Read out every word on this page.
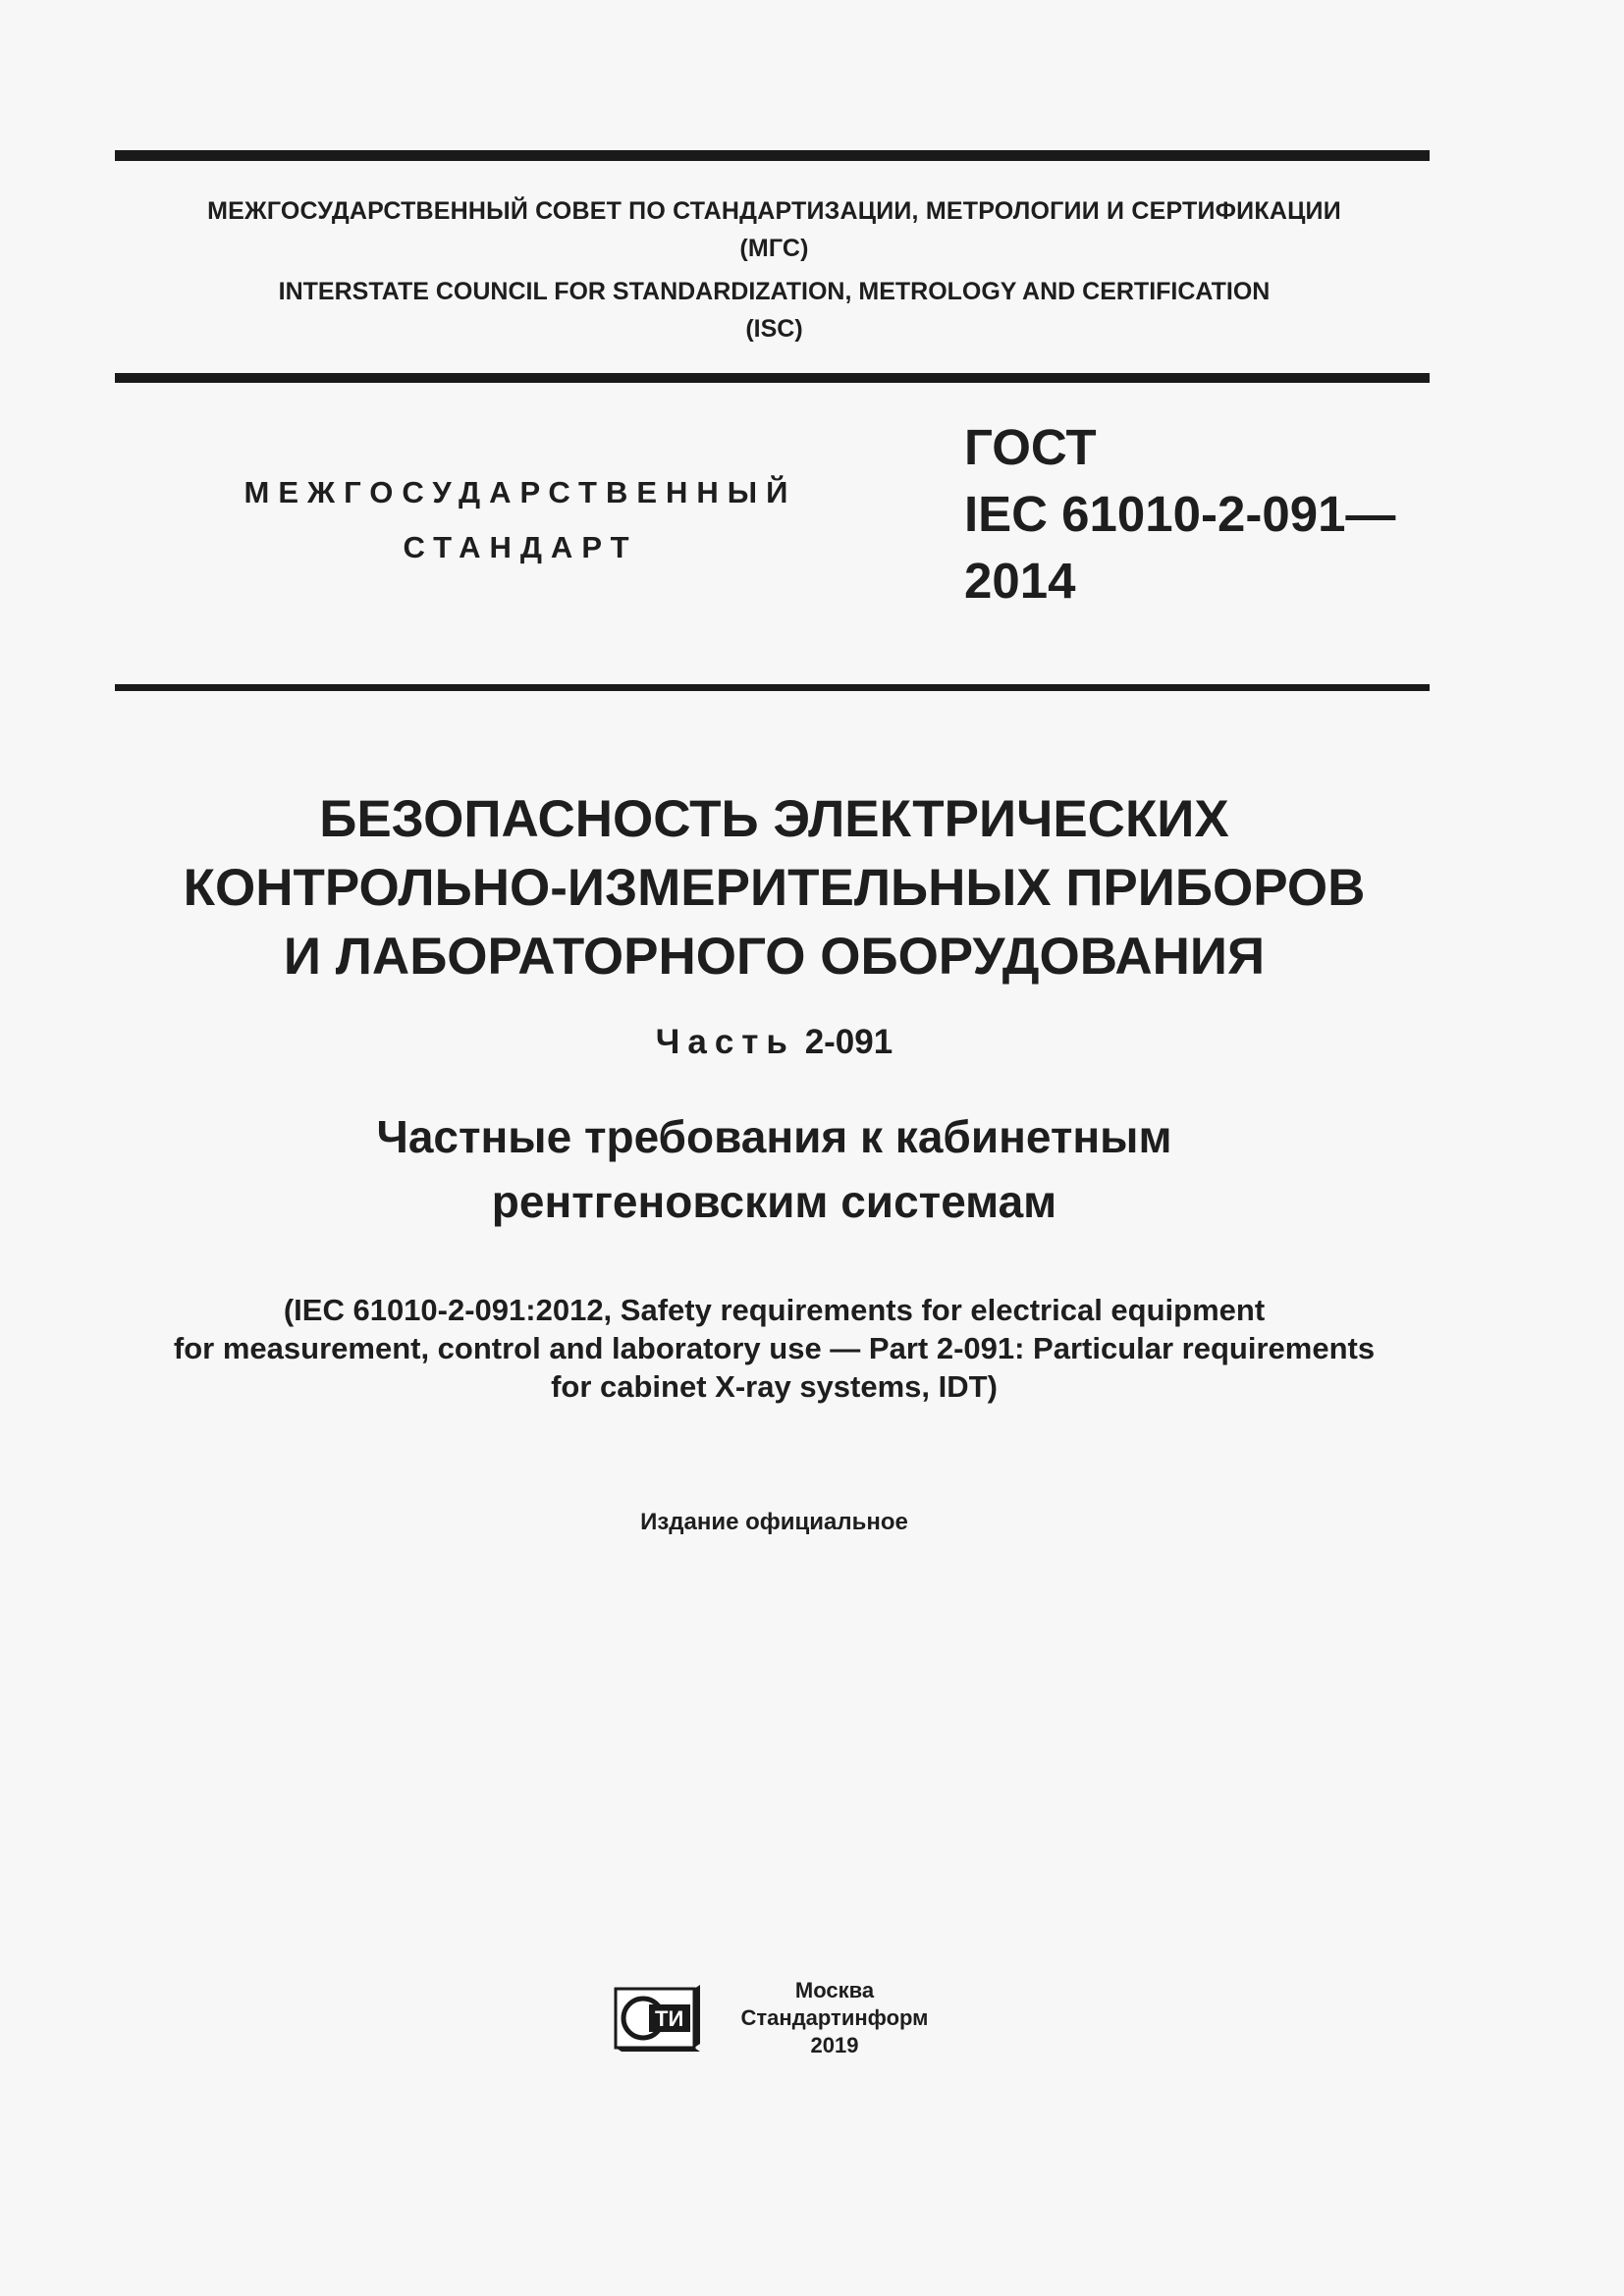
МЕЖГОСУДАРСТВЕННЫЙ СОВЕТ ПО СТАНДАРТИЗАЦИИ, МЕТРОЛОГИИ И СЕРТИФИКАЦИИ
(МГС)
INTERSTATE COUNCIL FOR STANDARDIZATION, METROLOGY AND CERTIFICATION
(ISC)
МЕЖГОСУДАРСТВЕННЫЙ
СТАНДАРТ
ГОСТ
IEC 61010-2-091—
2014
БЕЗОПАСНОСТЬ ЭЛЕКТРИЧЕСКИХ
КОНТРОЛЬНО-ИЗМЕРИТЕЛЬНЫХ ПРИБОРОВ
И ЛАБОРАТОРНОГО ОБОРУДОВАНИЯ
Часть 2-091
Частные требования к кабинетным
рентгеновским системам
(IEC 61010-2-091:2012, Safety requirements for electrical equipment
for measurement, control and laboratory use — Part 2-091: Particular requirements
for cabinet X-ray systems, IDT)
Издание официальное
ТИ
Москва
Стандартинформ
2019
